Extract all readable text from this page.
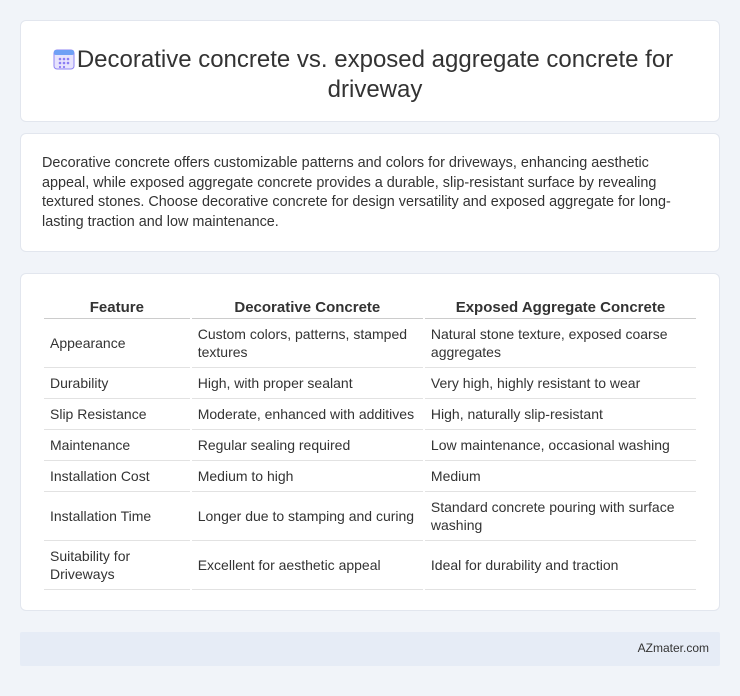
Decorative concrete vs. exposed aggregate concrete for driveway

Decorative concrete offers customizable patterns and colors for driveways, enhancing aesthetic appeal, while exposed aggregate concrete provides a durable, slip-resistant surface by revealing textured stones. Choose decorative concrete for design versatility and exposed aggregate for long-lasting traction and low maintenance.

Feature	Decorative Concrete	Exposed Aggregate Concrete
Appearance	Custom colors, patterns, stamped textures	Natural stone texture, exposed coarse aggregates
Durability	High, with proper sealant	Very high, highly resistant to wear
Slip Resistance	Moderate, enhanced with additives	High, naturally slip-resistant
Maintenance	Regular sealing required	Low maintenance, occasional washing
Installation Cost	Medium to high	Medium
Installation Time	Longer due to stamping and curing	Standard concrete pouring with surface washing
Suitability for Driveways	Excellent for aesthetic appeal	Ideal for durability and traction
AZmater.com
